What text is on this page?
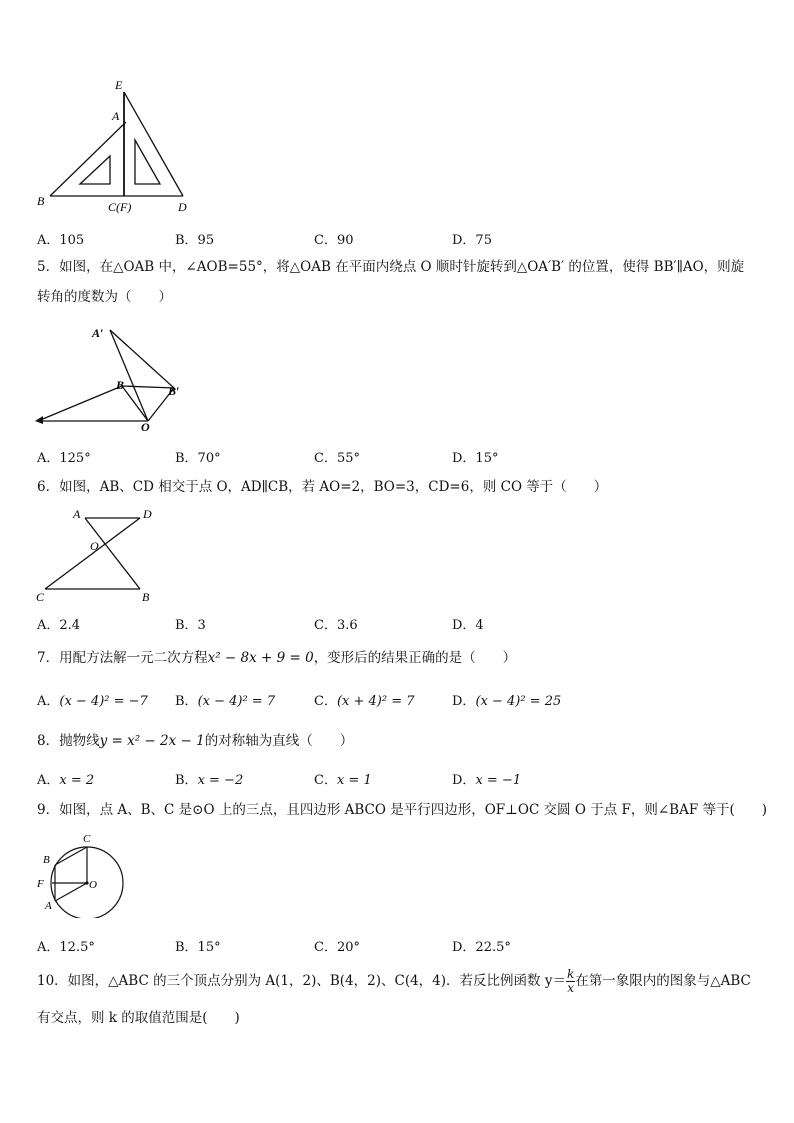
E
A
B	C(F)	D
A．105	B．95	C．90	D．75
5．如图，在△OAB 中，∠AOB=55°，将△OAB 在平面内绕点 O 顺时针旋转到△OA′B′ 的位置，使得 BB′∥AO，则旋
转角的度数为（　　）
A′
B	B′
O
A．125°	B．70°	C．55°	D．15°
6．如图，AB、CD 相交于点 O，AD∥CB，若 AO=2，BO=3，CD=6，则 CO 等于（　　）
A	D
O
C	B
A．2.4	B．3	C．3.6	D．4
7．用配方法解一元二次方程x² − 8x + 9 = 0，变形后的结果正确的是（　　）
A．(x − 4)² = −7 B．(x − 4)² = 7	C．(x + 4)² = 7	D．(x − 4)² = 25
8．抛物线y = x² − 2x − 1的对称轴为直线（　　）
A．x = 2	B．x = −2	C．x = 1	D．x = −1
9．如图，点 A、B、C 是⊙O 上的三点，且四边形 ABCO 是平行四边形，OF⊥OC 交圆 O 于点 F，则∠BAF 等于(　　)
C
B
F	O
A
A．12.5°	B．15°	C．20°	D．22.5°
10．如图，△ABC 的三个顶点分别为 A(1，2)、B(4，2)、C(4，4)．若反比例函数 $y= \frac{k}{x}$ 在第一象限内的图象与△ABC
有交点，则 k 的取值范围是(　　)
